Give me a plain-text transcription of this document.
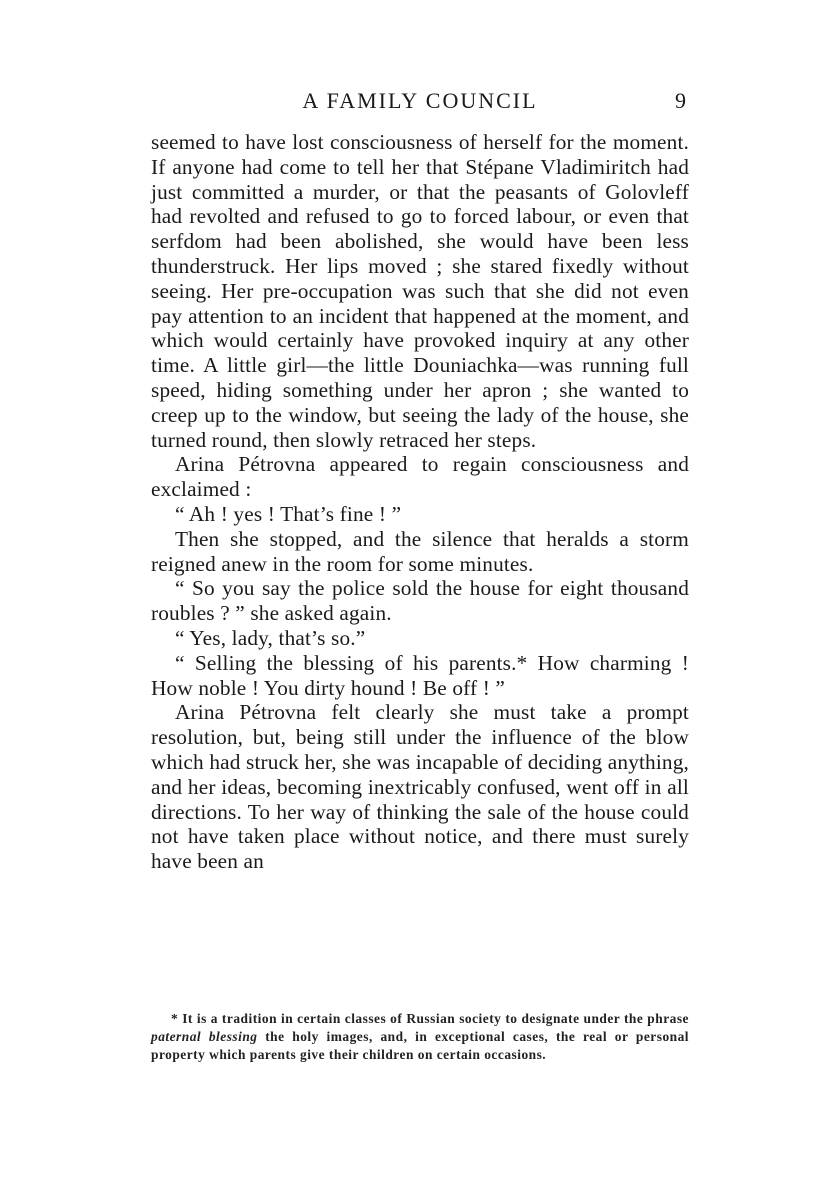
A FAMILY COUNCIL	9

seemed to have lost consciousness of herself for the moment. If anyone had come to tell her that Stépane Vladimiritch had just committed a murder, or that the peasants of Golovleff had revolted and refused to go to forced labour, or even that serfdom had been abolished, she would have been less thunderstruck. Her lips moved ; she stared fixedly without seeing. Her pre-occupation was such that she did not even pay attention to an incident that happened at the moment, and which would certainly have provoked inquiry at any other time. A little girl—the little Douniachka—was running full speed, hiding something under her apron ; she wanted to creep up to the window, but seeing the lady of the house, she turned round, then slowly retraced her steps.

Arina Pétrovna appeared to regain consciousness and exclaimed :

“ Ah ! yes ! That’s fine ! ”

Then she stopped, and the silence that heralds a storm reigned anew in the room for some minutes.

“ So you say the police sold the house for eight thousand roubles ? ” she asked again.

“ Yes, lady, that’s so.”

“ Selling the blessing of his parents.* How charming ! How noble ! You dirty hound ! Be off ! ”

Arina Pétrovna felt clearly she must take a prompt resolution, but, being still under the influence of the blow which had struck her, she was incapable of deciding anything, and her ideas, becoming inextricably confused, went off in all directions. To her way of thinking the sale of the house could not have taken place without notice, and there must surely have been an

* It is a tradition in certain classes of Russian society to designate under the phrase paternal blessing the holy images, and, in exceptional cases, the real or personal property which parents give their children on certain occasions.
